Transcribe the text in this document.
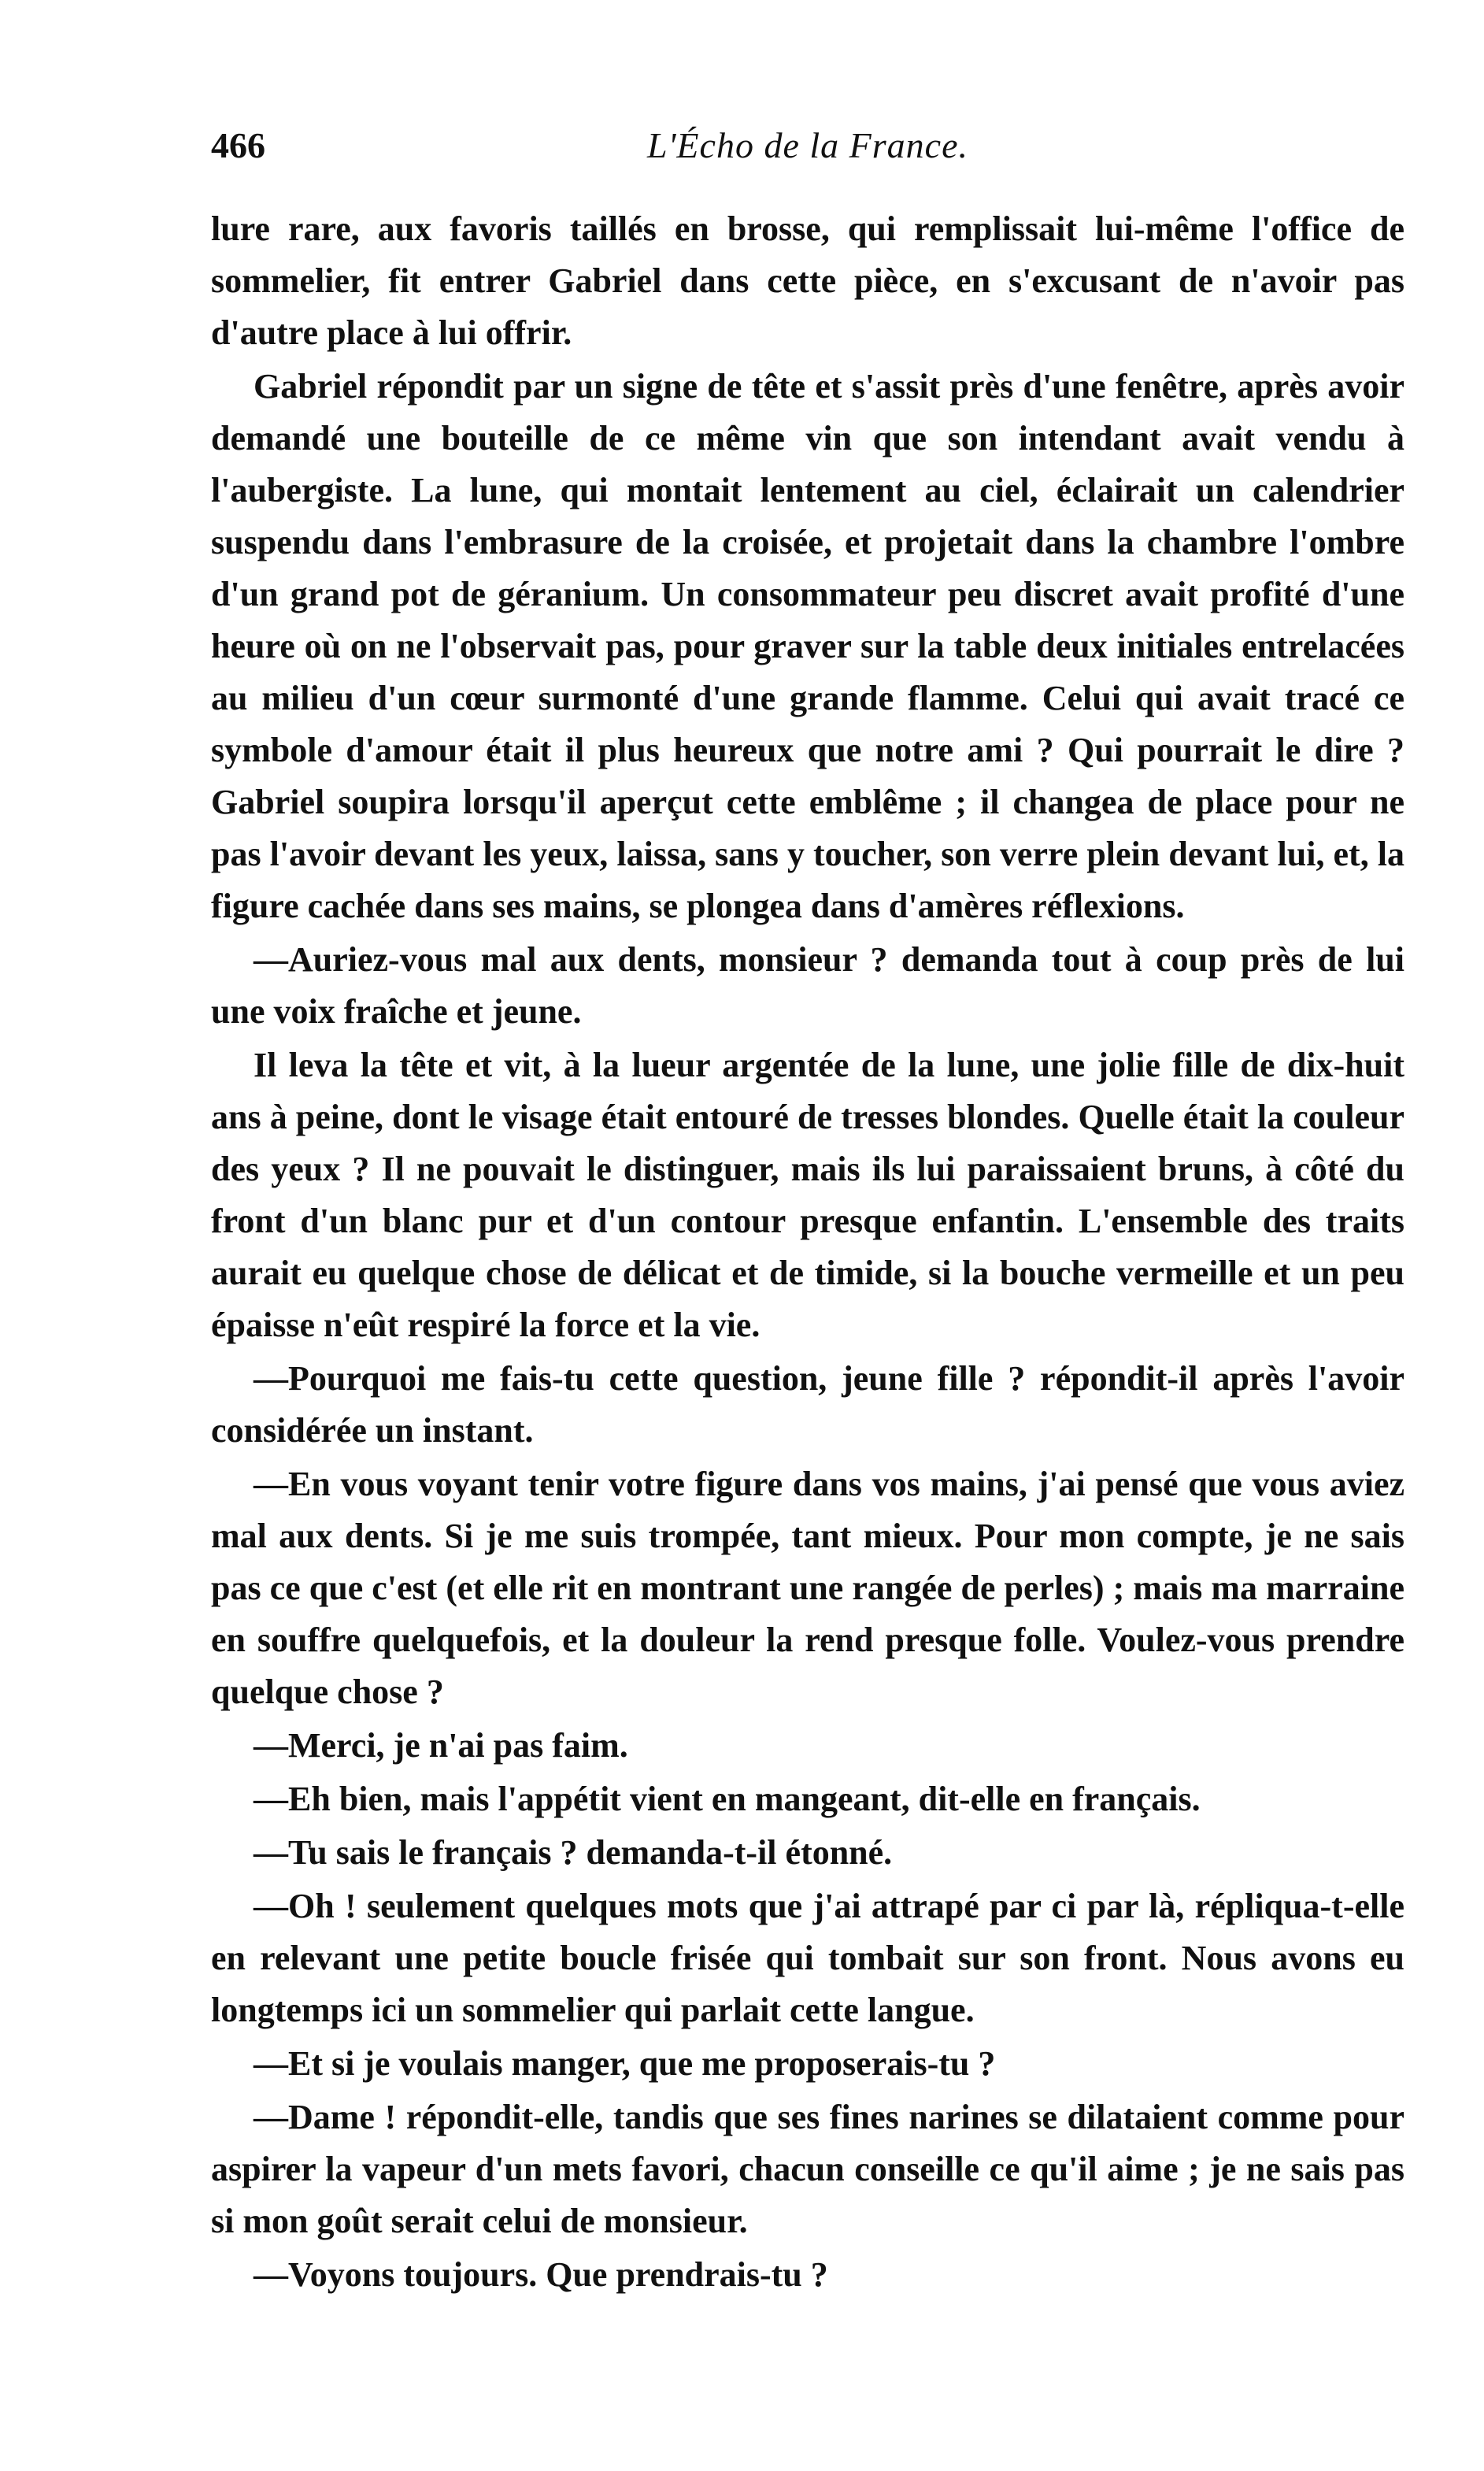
466	L'Écho de la France.

lure rare, aux favoris taillés en brosse, qui remplissait lui-même l'office de sommelier, fit entrer Gabriel dans cette pièce, en s'excusant de n'avoir pas d'autre place à lui offrir.

Gabriel répondit par un signe de tête et s'assit près d'une fenêtre, après avoir demandé une bouteille de ce même vin que son intendant avait vendu à l'aubergiste. La lune, qui montait lentement au ciel, éclairait un calendrier suspendu dans l'embrasure de la croisée, et projetait dans la chambre l'ombre d'un grand pot de géranium. Un consommateur peu discret avait profité d'une heure où on ne l'observait pas, pour graver sur la table deux initiales entrelacées au milieu d'un cœur surmonté d'une grande flamme. Celui qui avait tracé ce symbole d'amour était il plus heureux que notre ami ? Qui pourrait le dire ? Gabriel soupira lorsqu'il aperçut cette emblême ; il changea de place pour ne pas l'avoir devant les yeux, laissa, sans y toucher, son verre plein devant lui, et, la figure cachée dans ses mains, se plongea dans d'amères réflexions.

—Auriez-vous mal aux dents, monsieur ? demanda tout à coup près de lui une voix fraîche et jeune.

Il leva la tête et vit, à la lueur argentée de la lune, une jolie fille de dix-huit ans à peine, dont le visage était entouré de tresses blondes. Quelle était la couleur des yeux ? Il ne pouvait le distinguer, mais ils lui paraissaient bruns, à côté du front d'un blanc pur et d'un contour presque enfantin. L'ensemble des traits aurait eu quelque chose de délicat et de timide, si la bouche vermeille et un peu épaisse n'eût respiré la force et la vie.

—Pourquoi me fais-tu cette question, jeune fille ? répondit-il après l'avoir considérée un instant.

—En vous voyant tenir votre figure dans vos mains, j'ai pensé que vous aviez mal aux dents. Si je me suis trompée, tant mieux. Pour mon compte, je ne sais pas ce que c'est (et elle rit en montrant une rangée de perles) ; mais ma marraine en souffre quelquefois, et la douleur la rend presque folle. Voulez-vous prendre quelque chose ?

—Merci, je n'ai pas faim.

—Eh bien, mais l'appétit vient en mangeant, dit-elle en français.

—Tu sais le français ? demanda-t-il étonné.

—Oh ! seulement quelques mots que j'ai attrapé par ci par là, répliqua-t-elle en relevant une petite boucle frisée qui tombait sur son front. Nous avons eu longtemps ici un sommelier qui parlait cette langue.

—Et si je voulais manger, que me proposerais-tu ?

—Dame ! répondit-elle, tandis que ses fines narines se dilataient comme pour aspirer la vapeur d'un mets favori, chacun conseille ce qu'il aime ; je ne sais pas si mon goût serait celui de monsieur.

—Voyons toujours. Que prendrais-tu ?
